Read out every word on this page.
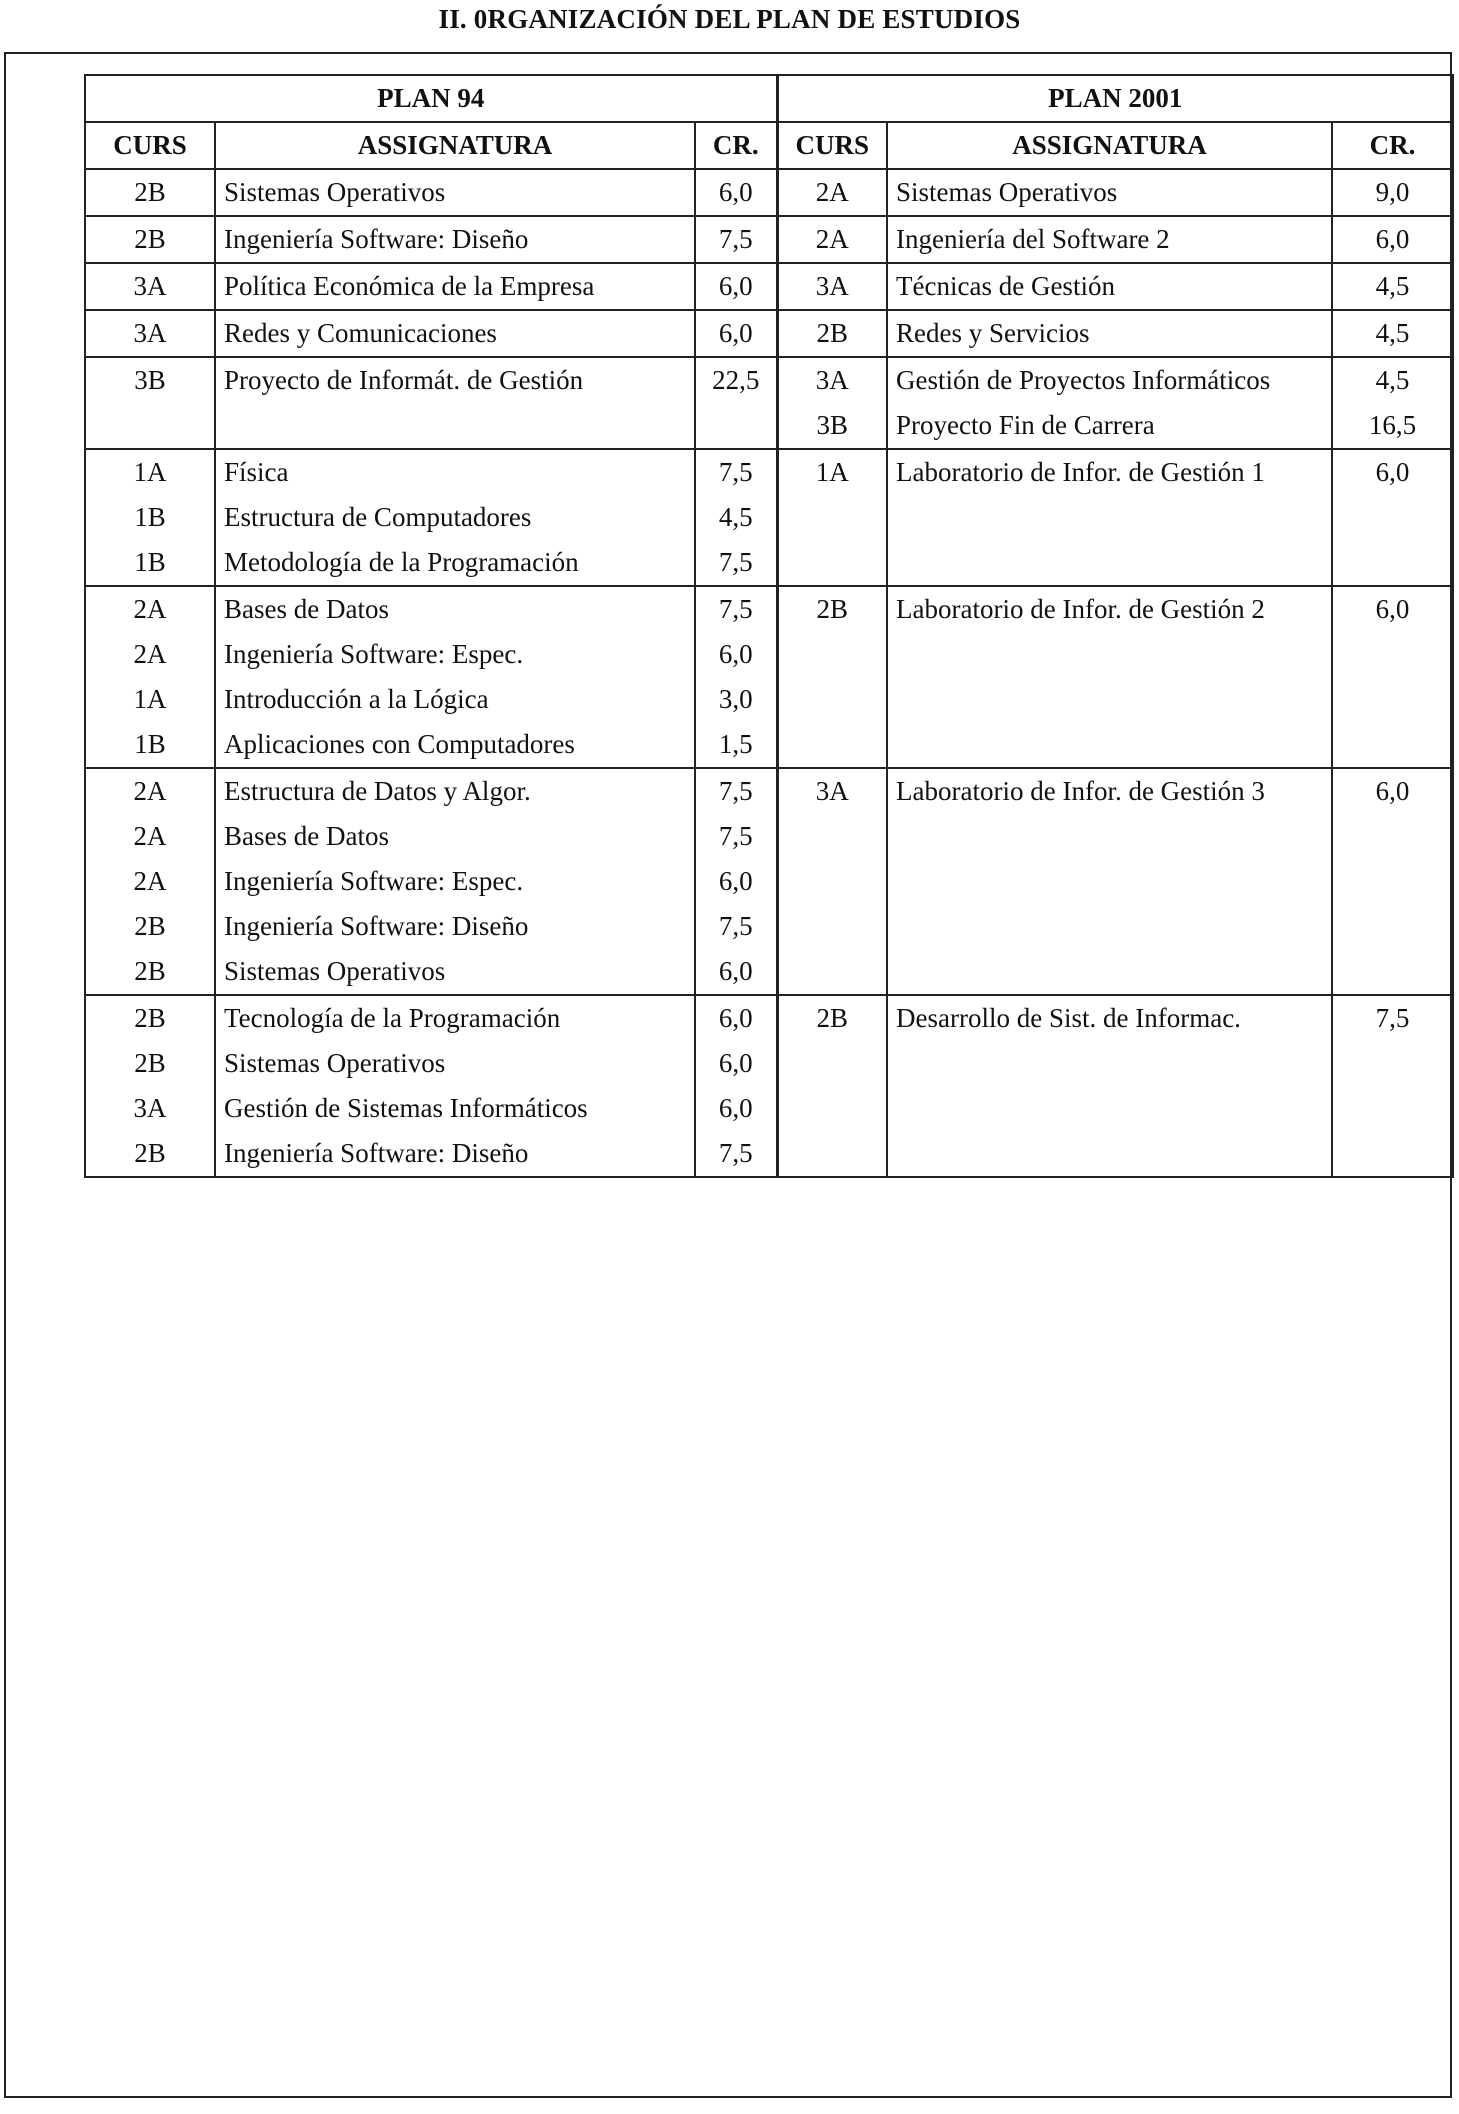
II. 0RGANIZACIÓN DEL PLAN DE ESTUDIOS
PLAN 94			PLAN 2001		
CURS	ASSIGNATURA	CR.	CURS	ASSIGNATURA	CR.
2B	Sistemas Operativos	6,0	2A	Sistemas Operativos	9,0
2B	Ingeniería Software: Diseño	7,5	2A	Ingeniería del Software 2	6,0
3A	Política Económica de la Empresa	6,0	3A	Técnicas de Gestión	4,5
3A	Redes y Comunicaciones	6,0	2B	Redes y Servicios	4,5
3B	Proyecto de Informát. de Gestión	22,5	3A	Gestión de Proyectos Informáticos	4,5
			3B	Proyecto Fin de Carrera	16,5
1A	Física	7,5	1A	Laboratorio de Infor. de Gestión 1	6,0
1B	Estructura de Computadores	4,5			
1B	Metodología de la Programación	7,5			
2A	Bases de Datos	7,5	2B	Laboratorio de Infor. de Gestión 2	6,0
2A	Ingeniería Software: Espec.	6,0			
1A	Introducción a la Lógica	3,0			
1B	Aplicaciones con Computadores	1,5			
2A	Estructura de Datos y Algor.	7,5	3A	Laboratorio de Infor. de Gestión 3	6,0
2A	Bases de Datos	7,5			
2A	Ingeniería Software: Espec.	6,0			
2B	Ingeniería Software: Diseño	7,5			
2B	Sistemas Operativos	6,0			
2B	Tecnología de la Programación	6,0	2B	Desarrollo de Sist. de Informac.	7,5
2B	Sistemas Operativos	6,0			
3A	Gestión de Sistemas Informáticos	6,0			
2B	Ingeniería Software: Diseño	7,5			
